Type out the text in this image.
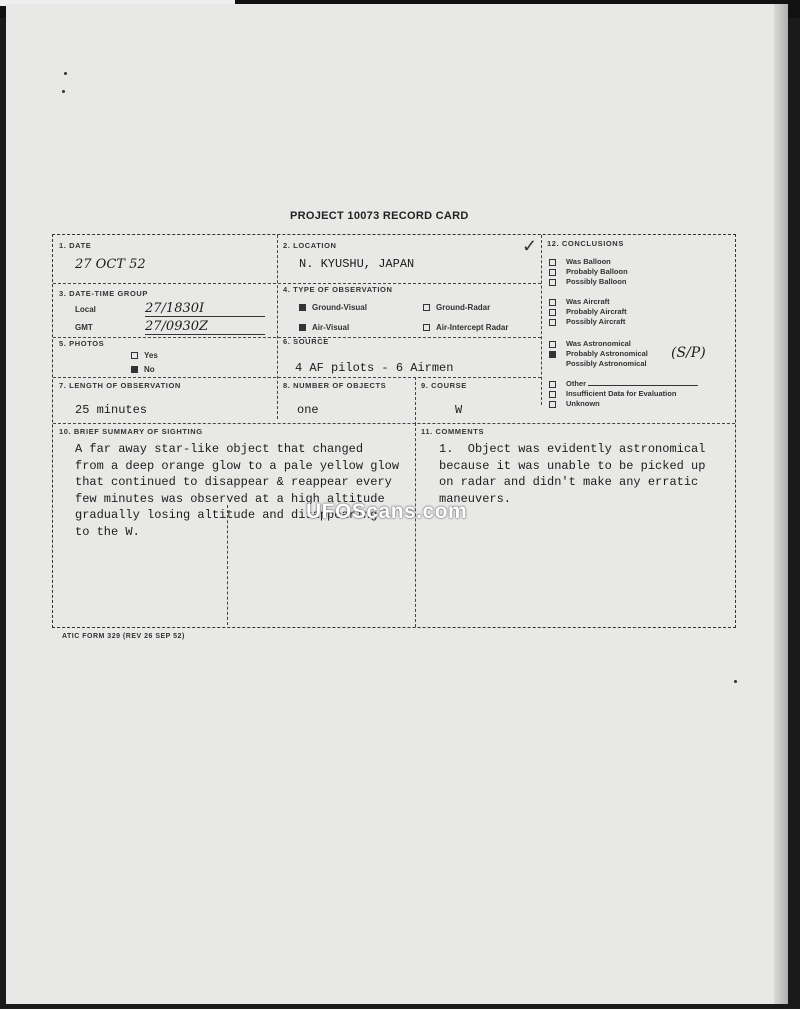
PROJECT 10073 RECORD CARD
1. DATE
27 OCT 52
2. LOCATION
N. KYUSHU, JAPAN
3. DATE-TIME GROUP
Local	27/1830I
GMT	27/0930Z
4. TYPE OF OBSERVATION
Ground-Visual	Ground-Radar
Air-Visual	Air-Intercept Radar
5. PHOTOS
Yes
No
6. SOURCE
4 AF pilots - 6 Airmen
7. LENGTH OF OBSERVATION
25 minutes
8. NUMBER OF OBJECTS
one
9. COURSE
W
10. BRIEF SUMMARY OF SIGHTING
A far away star-like object that changed
from a deep orange glow to a pale yellow glow
that continued to disappear & reappear every
few minutes was observed at a high altitude
gradually losing altitude and disappearing
to the W.
11. COMMENTS
1.  Object was evidently astronomical
because it was unable to be picked up
on radar and didn't make any erratic
maneuvers.
12. CONCLUSIONS
Was Balloon
Probably Balloon
Possibly Balloon
Was Aircraft
Probably Aircraft
Possibly Aircraft
Was Astronomical
Probably Astronomical
Possibly Astronomical
(S/P)
Other
Insufficient Data for Evaluation
Unknown
✓
UFOScans.com
ATIC FORM 329 (REV 26 SEP 52)
